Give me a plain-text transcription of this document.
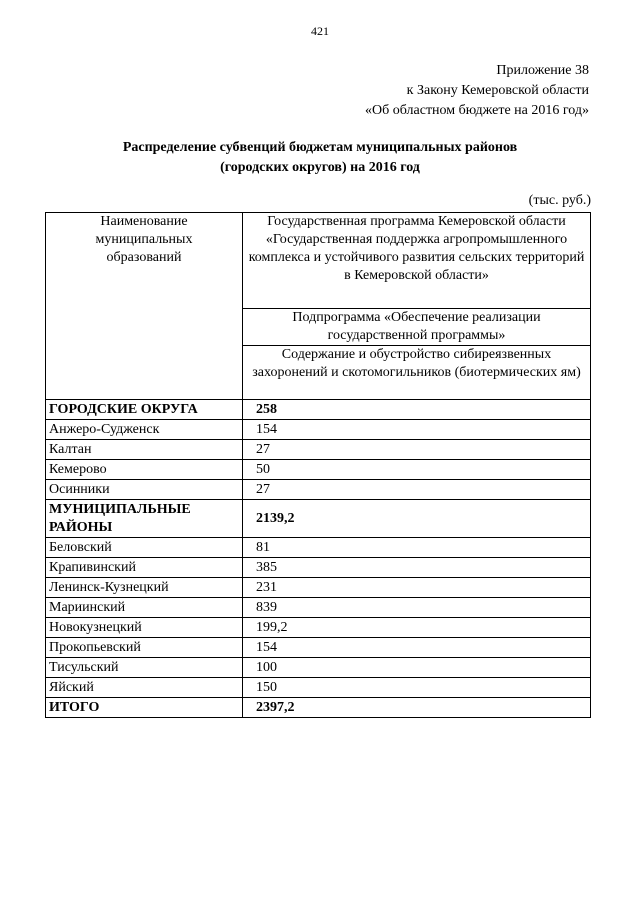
421
Приложение 38
к Закону Кемеровской области
«Об областном бюджете на 2016 год»
Распределение субвенций бюджетам муниципальных районов
(городских округов) на 2016 год
(тыс. руб.)
Наименование муниципальных образований	Государственная программа Кемеровской области «Государственная поддержка агропромышленного комплекса и устойчивого развития сельских территорий в Кемеровской области»
	Подпрограмма «Обеспечение реализации государственной программы»
	Содержание и обустройство сибиреязвенных захоронений и скотомогильников (биотермических ям)
ГОРОДСКИЕ ОКРУГА	258
Анжеро-Судженск	154
Калтан	27
Кемерово	50
Осинники	27
МУНИЦИПАЛЬНЫЕ РАЙОНЫ	2139,2
Беловский	81
Крапивинский	385
Ленинск-Кузнецкий	231
Мариинский	839
Новокузнецкий	199,2
Прокопьевский	154
Тисульский	100
Яйский	150
ИТОГО	2397,2
